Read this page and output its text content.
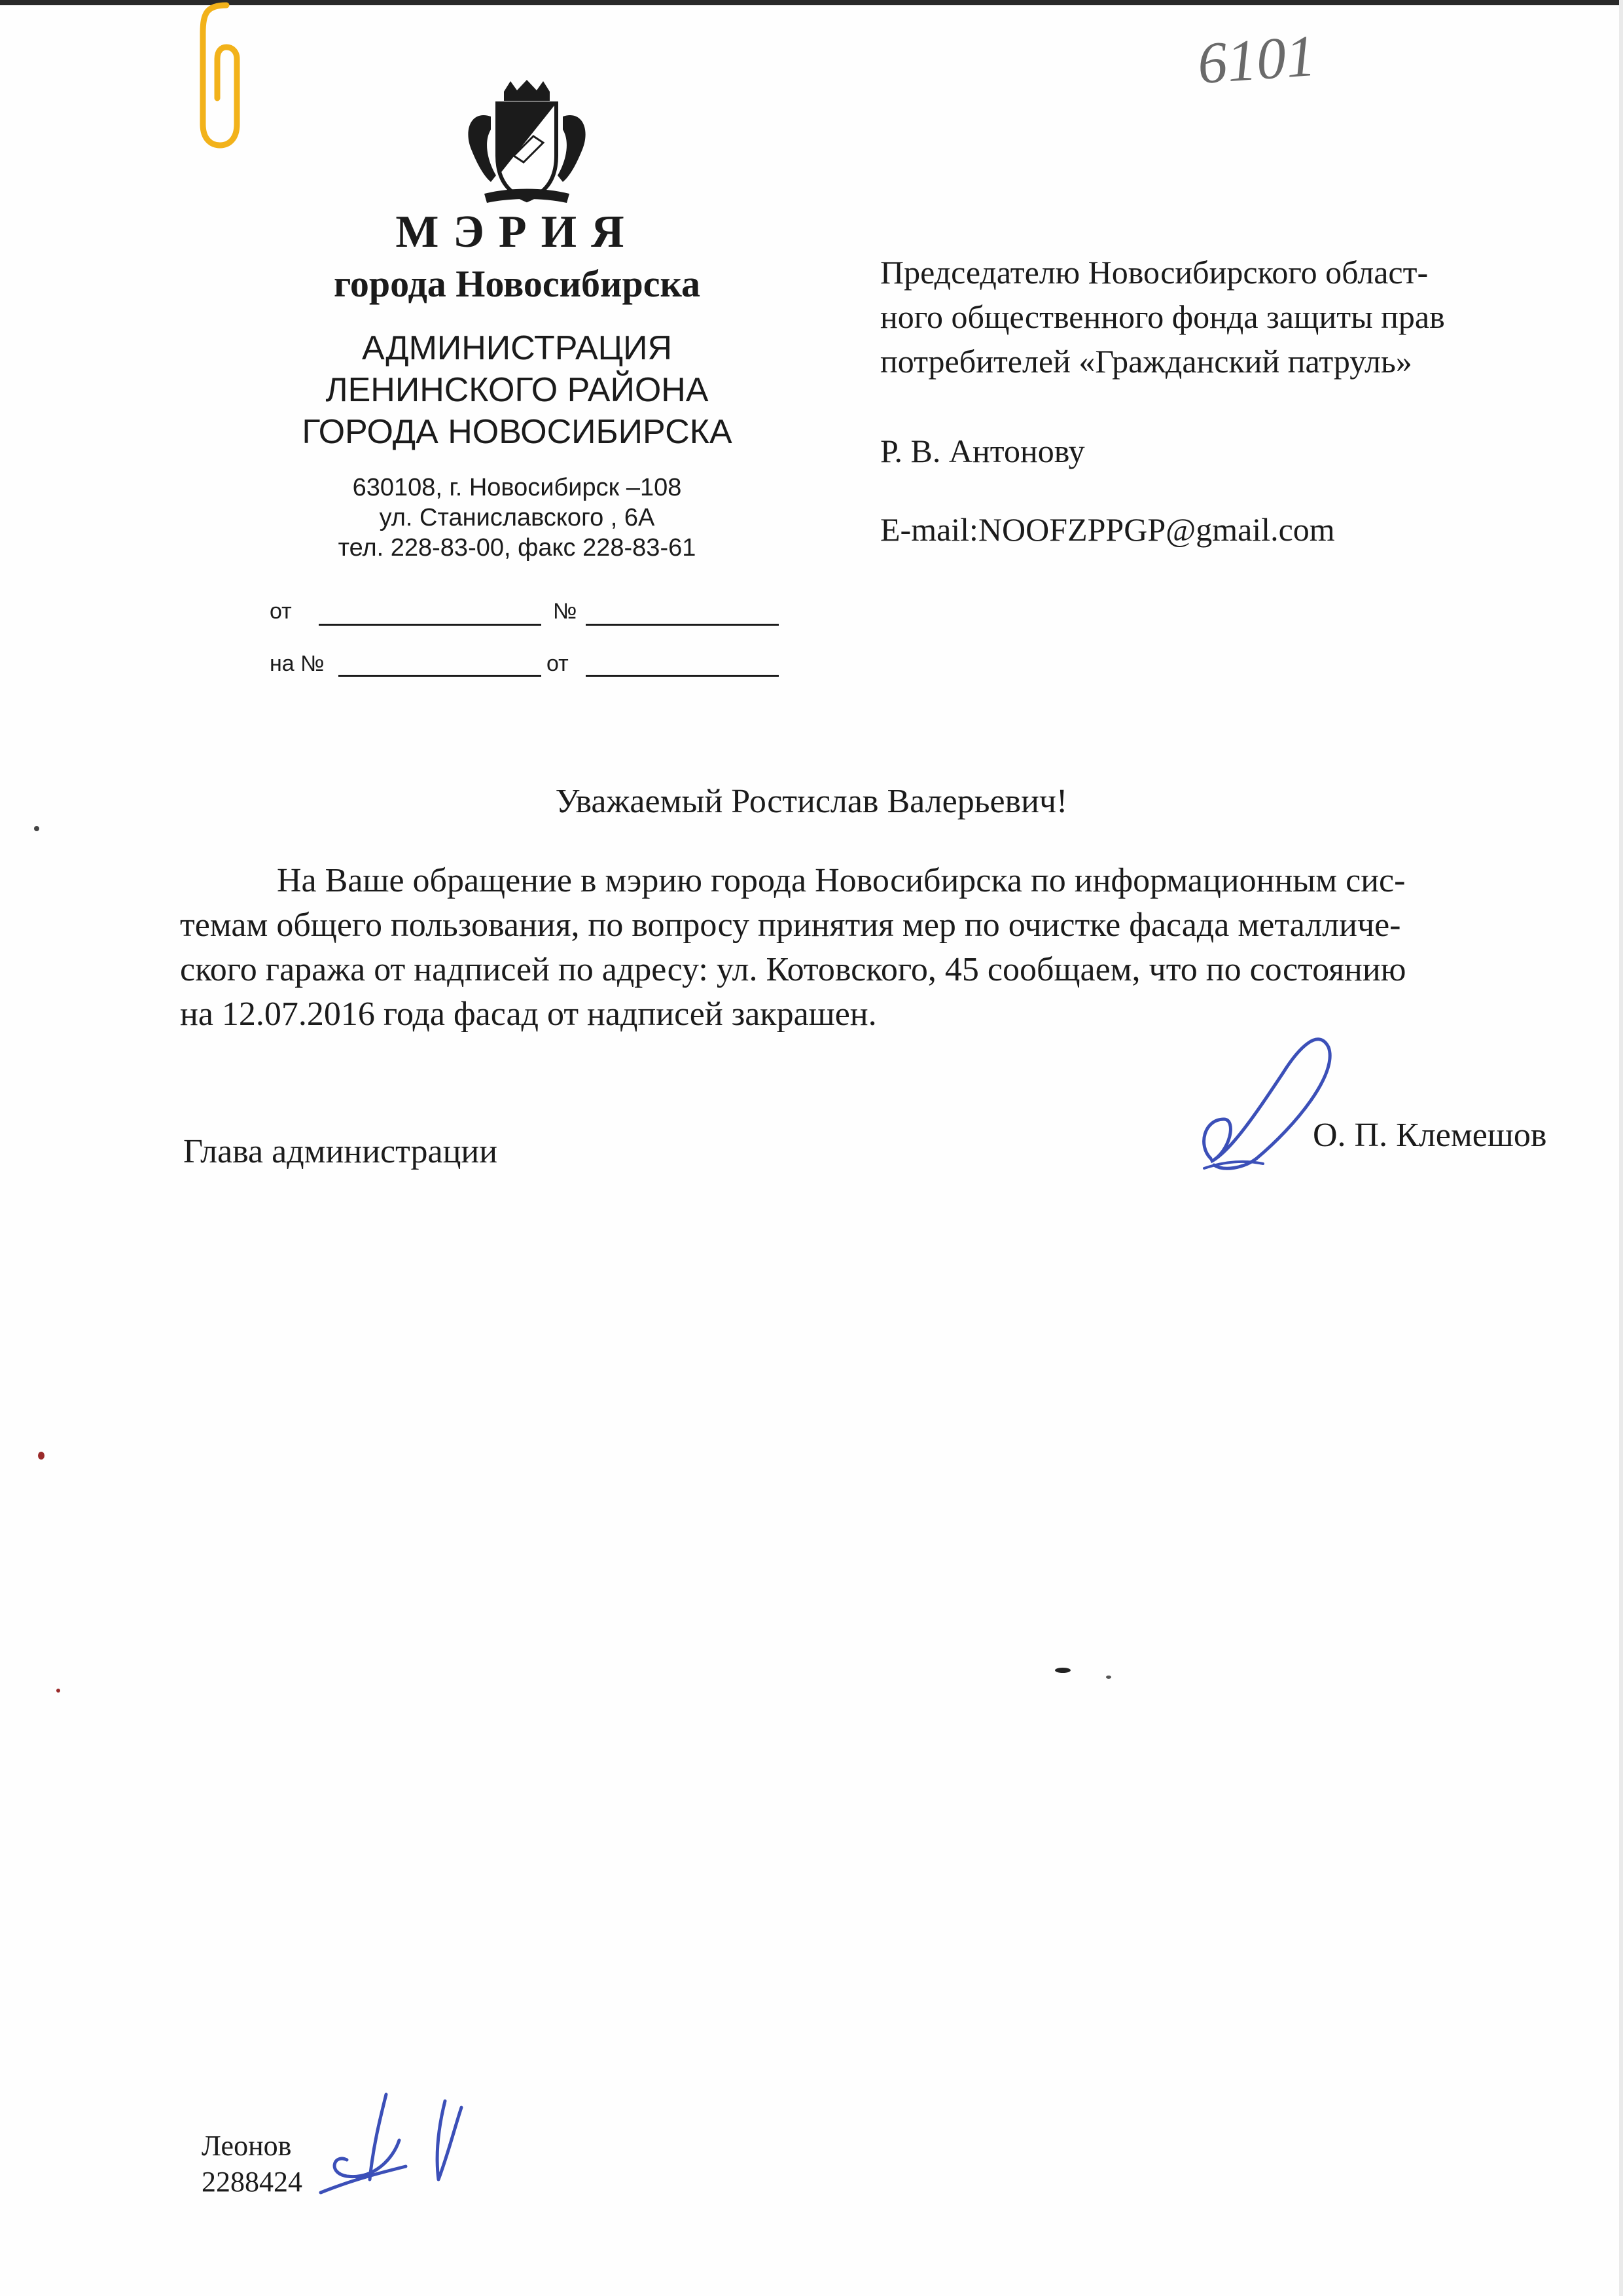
6101
МЭРИЯ
города Новосибирска
АДМИНИСТРАЦИЯ
ЛЕНИНСКОГО РАЙОНА
ГОРОДА НОВОСИБИРСКА
630108, г. Новосибирск –108
ул. Станиславского , 6А
тел. 228-83-00, факс 228-83-61
от	№
на №	от
Председателю Новосибирского област-
ного общественного фонда защиты прав
потребителей «Гражданский патруль»
Р. В. Антонову
E-mail:NOOFZPPGP@gmail.com
Уважаемый Ростислав Валерьевич!
На Ваше обращение в мэрию города Новосибирска по информационным сис-
темам общего пользования, по вопросу принятия мер по очистке фасада металличе-
ского гаража от надписей по адресу: ул. Котовского, 45 сообщаем, что по состоянию
на 12.07.2016 года фасад от надписей закрашен.
Глава администрации	О. П. Клемешов
Леонов
2288424
